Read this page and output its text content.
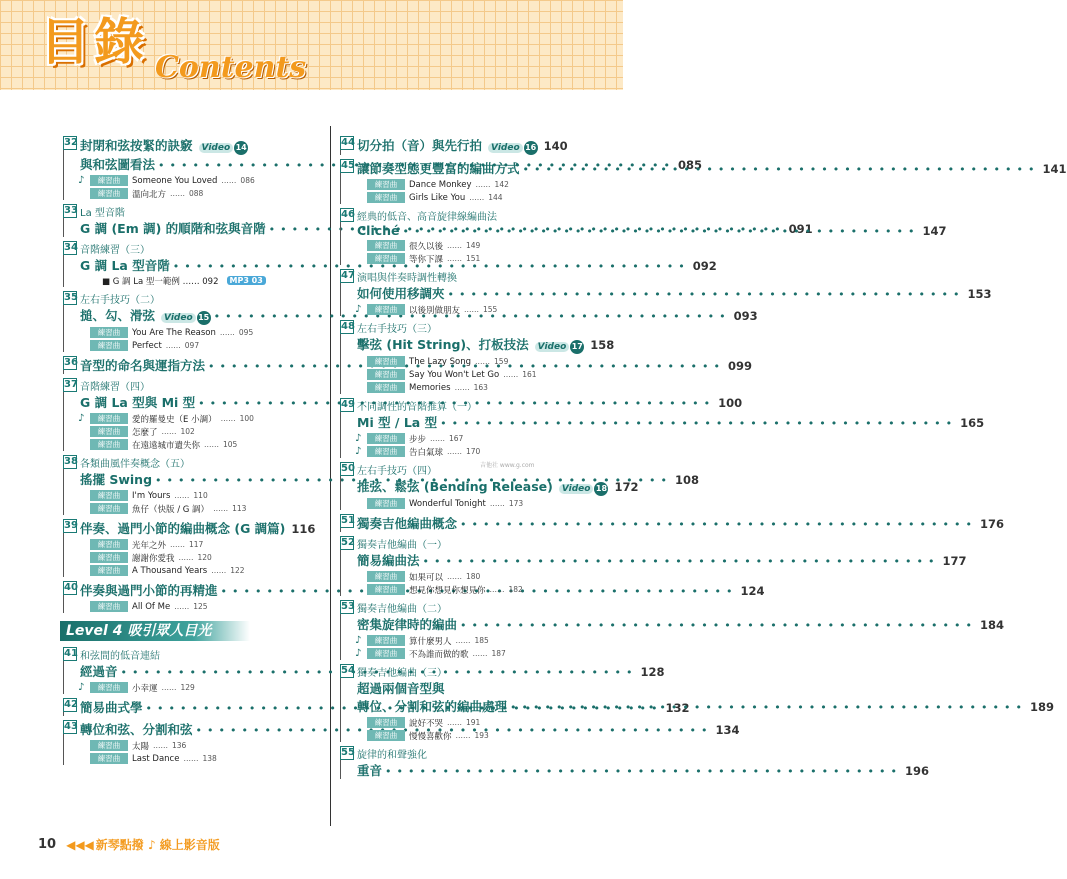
目錄 Contents
32 封閉和弦按緊的訣竅	Video 14
與和弦圖看法 •••••	085
♪	練習曲	Someone You Loved …… 086
練習曲	溫向北方 …… 088
33 La 型音階
G 調 (Em 調) 的順階和弦與音階 •••••	091
34 音階練習（三）
G 調 La 型音階 •••••	092
■ G 調 La 型一範例 …… 092	MP3 03
35 左右手技巧（二）
搥、勾、滑弦	Video 15 •••••	093
練習曲	You Are The Reason …… 095
練習曲	Perfect …… 097
36 音型的命名與運指方法 •••••	099
37 音階練習（四）
G 調 La 型與 Mi 型 •••••	100
♪	練習曲	愛的羅曼史（E 小調） …… 100
練習曲	怎麼了 …… 102
練習曲	在遠遠城市遺失你 …… 105
38 各類曲風伴奏概念（五）
搖擺 Swing •••••	108
練習曲	I'm Yours …… 110
練習曲	魚仔（快版 / G 調） …… 113
39 伴奏、過門小節的編曲概念 (G 調篇) 116
練習曲	光年之外 …… 117
練習曲	謝謝你愛我 …… 120
練習曲	A Thousand Years …… 122
40 伴奏與過門小節的再精進 •••••	124
練習曲	All Of Me …… 125
Level 4 吸引眾人目光
41 和弦間的低音連結
經過音 •••••	128
♪	練習曲	小幸運 …… 129
42 簡易曲式學 •••••	132
43 轉位和弦、分割和弦 •••••	134
練習曲	太陽 …… 136
練習曲	Last Dance …… 138
44 切分拍（音）與先行拍	Video 16 140
45 讓節奏型態更豐富的編曲方式 •••••	141
練習曲	Dance Monkey …… 142
練習曲	Girls Like You …… 144
46 經典的低音、高音旋律線編曲法
Cliché •••••	147
練習曲	很久以後 …… 149
練習曲	等你下課 …… 151
47 演唱與伴奏時調性轉換
如何使用移調夾 •••••	153
♪	練習曲	以後別做朋友 …… 155
48 左右手技巧（三）
擊弦 (Hit String)、打板技法	Video 17 158
練習曲	The Lazy Song …… 159
練習曲	Say You Won't Let Go …… 161
練習曲	Memories …… 163
49 不同調性的音階推算（一）
Mi 型 / La 型 •••••	165
♪	練習曲	步步 …… 167
♪	練習曲	告白氣球 …… 170
50 左右手技巧（四）
推弦、鬆弦 (Bending Release)	Video 18 172
練習曲	Wonderful Tonight …… 173
51 獨奏吉他編曲概念 •••••	176
52 獨奏吉他編曲（一）
簡易編曲法 •••••	177
練習曲	如果可以 …… 180
練習曲	想見你想見你想見你 …… 182
53 獨奏吉他編曲（二）
密集旋律時的編曲 •••••	184
♪	練習曲	算什麼男人 …… 185
♪	練習曲	不為誰而做的歌 …… 187
54 獨奏吉他編曲（三）
超過兩個音型與
轉位、分割和弦的編曲處理 •••••	189
練習曲	說好不哭 …… 191
練習曲	慢慢喜歡你 …… 193
55 旋律的和聲強化
重音 •••••	196
吉他社 www.g.com
10 ◀◀◀ 新琴點撥 ♪ 線上影音版
